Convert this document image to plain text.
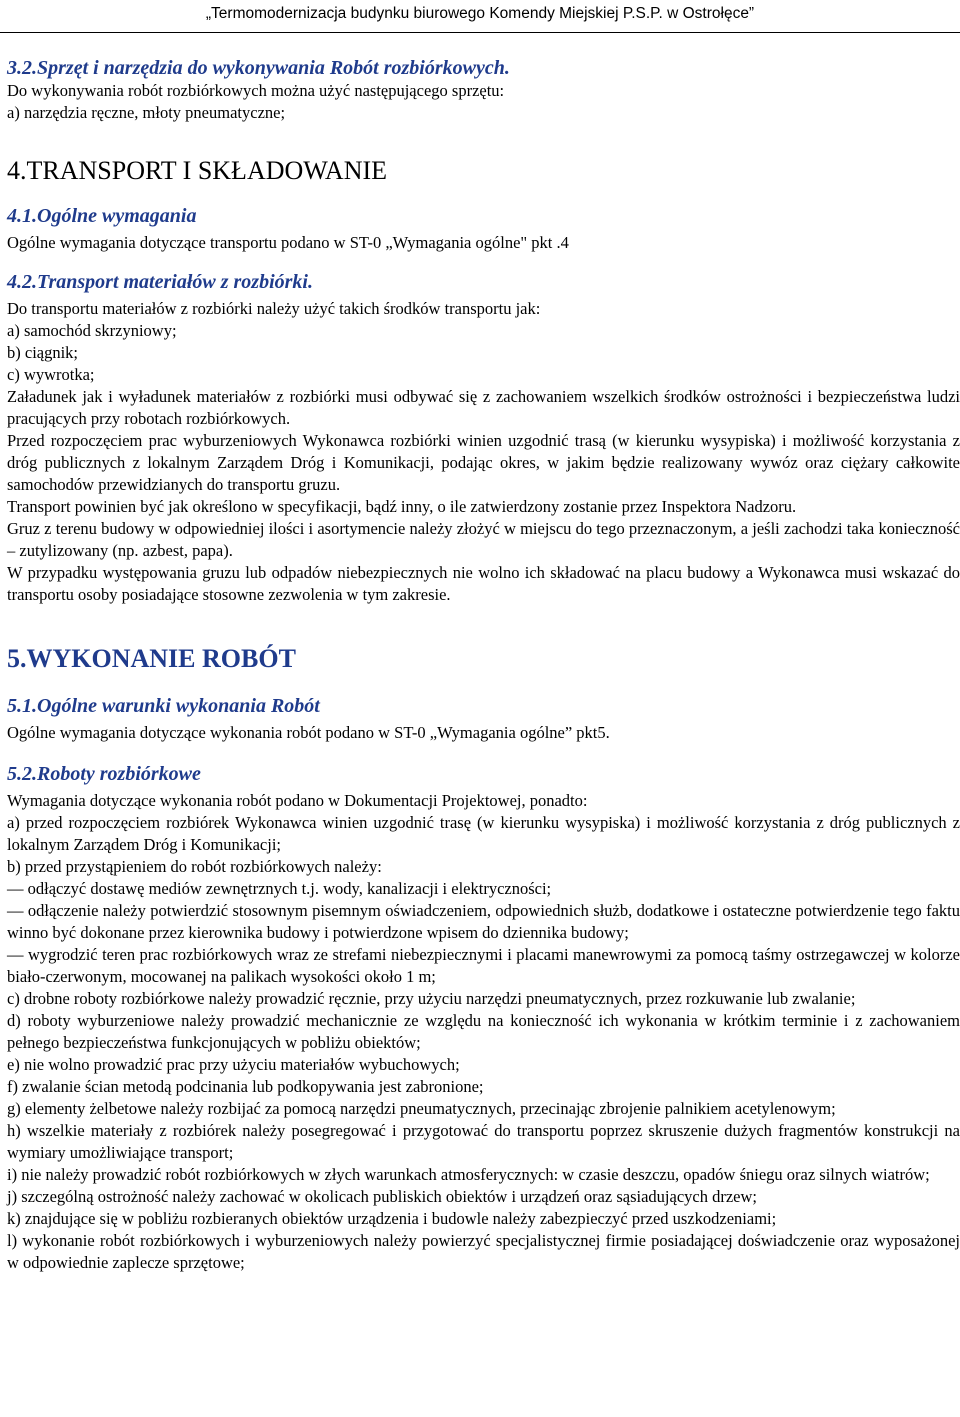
„Termomodernizacja budynku biurowego Komendy Miejskiej P.S.P. w Ostrołęce”
3.2.Sprzęt i narzędzia do wykonywania Robót rozbiórkowych.

Do wykonywania robót rozbiórkowych można użyć następującego sprzętu:

a) narzędzia ręczne, młoty pneumatyczne;

4.TRANSPORT I SKŁADOWANIE
4.1.Ogólne wymagania

Ogólne wymagania dotyczące transportu podano w ST-0 „Wymagania ogólne" pkt .4

4.2.Transport materiałów z rozbiórki.

Do transportu materiałów z rozbiórki należy użyć takich środków transportu jak:

a) samochód skrzyniowy;

b) ciągnik;

c) wywrotka;

Załadunek jak i wyładunek materiałów z rozbiórki musi odbywać się z zachowaniem wszelkich środków ostrożności i bezpieczeństwa ludzi pracujących przy robotach rozbiórkowych.

Przed rozpoczęciem prac wyburzeniowych Wykonawca rozbiórki winien uzgodnić trasą (w kierunku wysypiska) i możliwość korzystania z dróg publicznych z lokalnym Zarządem Dróg i Komunikacji, podając okres, w jakim będzie realizowany wywóz oraz ciężary całkowite samochodów przewidzianych do transportu gruzu.

Transport powinien być jak określono w specyfikacji, bądź inny, o ile zatwierdzony zostanie przez Inspektora Nadzoru.

Gruz z terenu budowy w odpowiedniej ilości i asortymencie należy złożyć w miejscu do tego przeznaczonym, a jeśli zachodzi taka konieczność – zutylizowany (np. azbest, papa).

W przypadku występowania gruzu lub odpadów niebezpiecznych nie wolno ich składować na placu budowy a Wykonawca musi wskazać do transportu osoby posiadające stosowne zezwolenia w tym zakresie.

5.WYKONANIE ROBÓT
5.1.Ogólne warunki wykonania Robót

Ogólne wymagania dotyczące wykonania robót podano w ST-0 „Wymagania ogólne” pkt5.

5.2.Roboty rozbiórkowe

Wymagania dotyczące wykonania robót podano w Dokumentacji Projektowej, ponadto:

a) przed rozpoczęciem rozbiórek Wykonawca winien uzgodnić trasę (w kierunku wysypiska) i możliwość korzystania z dróg publicznych z lokalnym Zarządem Dróg i Komunikacji;

b) przed przystąpieniem do robót rozbiórkowych należy:

— odłączyć dostawę mediów zewnętrznych t.j. wody, kanalizacji i elektryczności;

— odłączenie należy potwierdzić stosownym pisemnym oświadczeniem, odpowiednich służb, dodatkowe i ostateczne potwierdzenie tego faktu winno być dokonane przez kierownika budowy i potwierdzone wpisem do dziennika budowy;

— wygrodzić teren prac rozbiórkowych wraz ze strefami niebezpiecznymi i placami manewrowymi za pomocą taśmy ostrzegawczej w kolorze biało-czerwonym, mocowanej na palikach wysokości około 1 m;

c) drobne roboty rozbiórkowe należy prowadzić ręcznie, przy użyciu narzędzi pneumatycznych, przez rozkuwanie lub zwalanie;

d) roboty wyburzeniowe należy prowadzić mechanicznie ze względu na konieczność ich wykonania w krótkim terminie i z zachowaniem pełnego bezpieczeństwa funkcjonujących w pobliżu obiektów;

e) nie wolno prowadzić prac przy użyciu materiałów wybuchowych;

f) zwalanie ścian metodą podcinania lub podkopywania jest zabronione;

g) elementy żelbetowe należy rozbijać za pomocą narzędzi pneumatycznych, przecinając zbrojenie palnikiem acetylenowym;

h) wszelkie materiały z rozbiórek należy posegregować i przygotować do transportu poprzez skruszenie dużych fragmentów konstrukcji na wymiary umożliwiające transport;

i) nie należy prowadzić robót rozbiórkowych w złych warunkach atmosferycznych: w czasie deszczu, opadów śniegu oraz silnych wiatrów;

j) szczególną ostrożność należy zachować w okolicach publiskich obiektów i urządzeń oraz sąsiadujących drzew;

k) znajdujące się w pobliżu rozbieranych obiektów urządzenia i budowle należy zabezpieczyć przed uszkodzeniami;

l) wykonanie robót rozbiórkowych i wyburzeniowych należy powierzyć specjalistycznej firmie posiadającej doświadczenie oraz wyposażonej w odpowiednie zaplecze sprzętowe;
